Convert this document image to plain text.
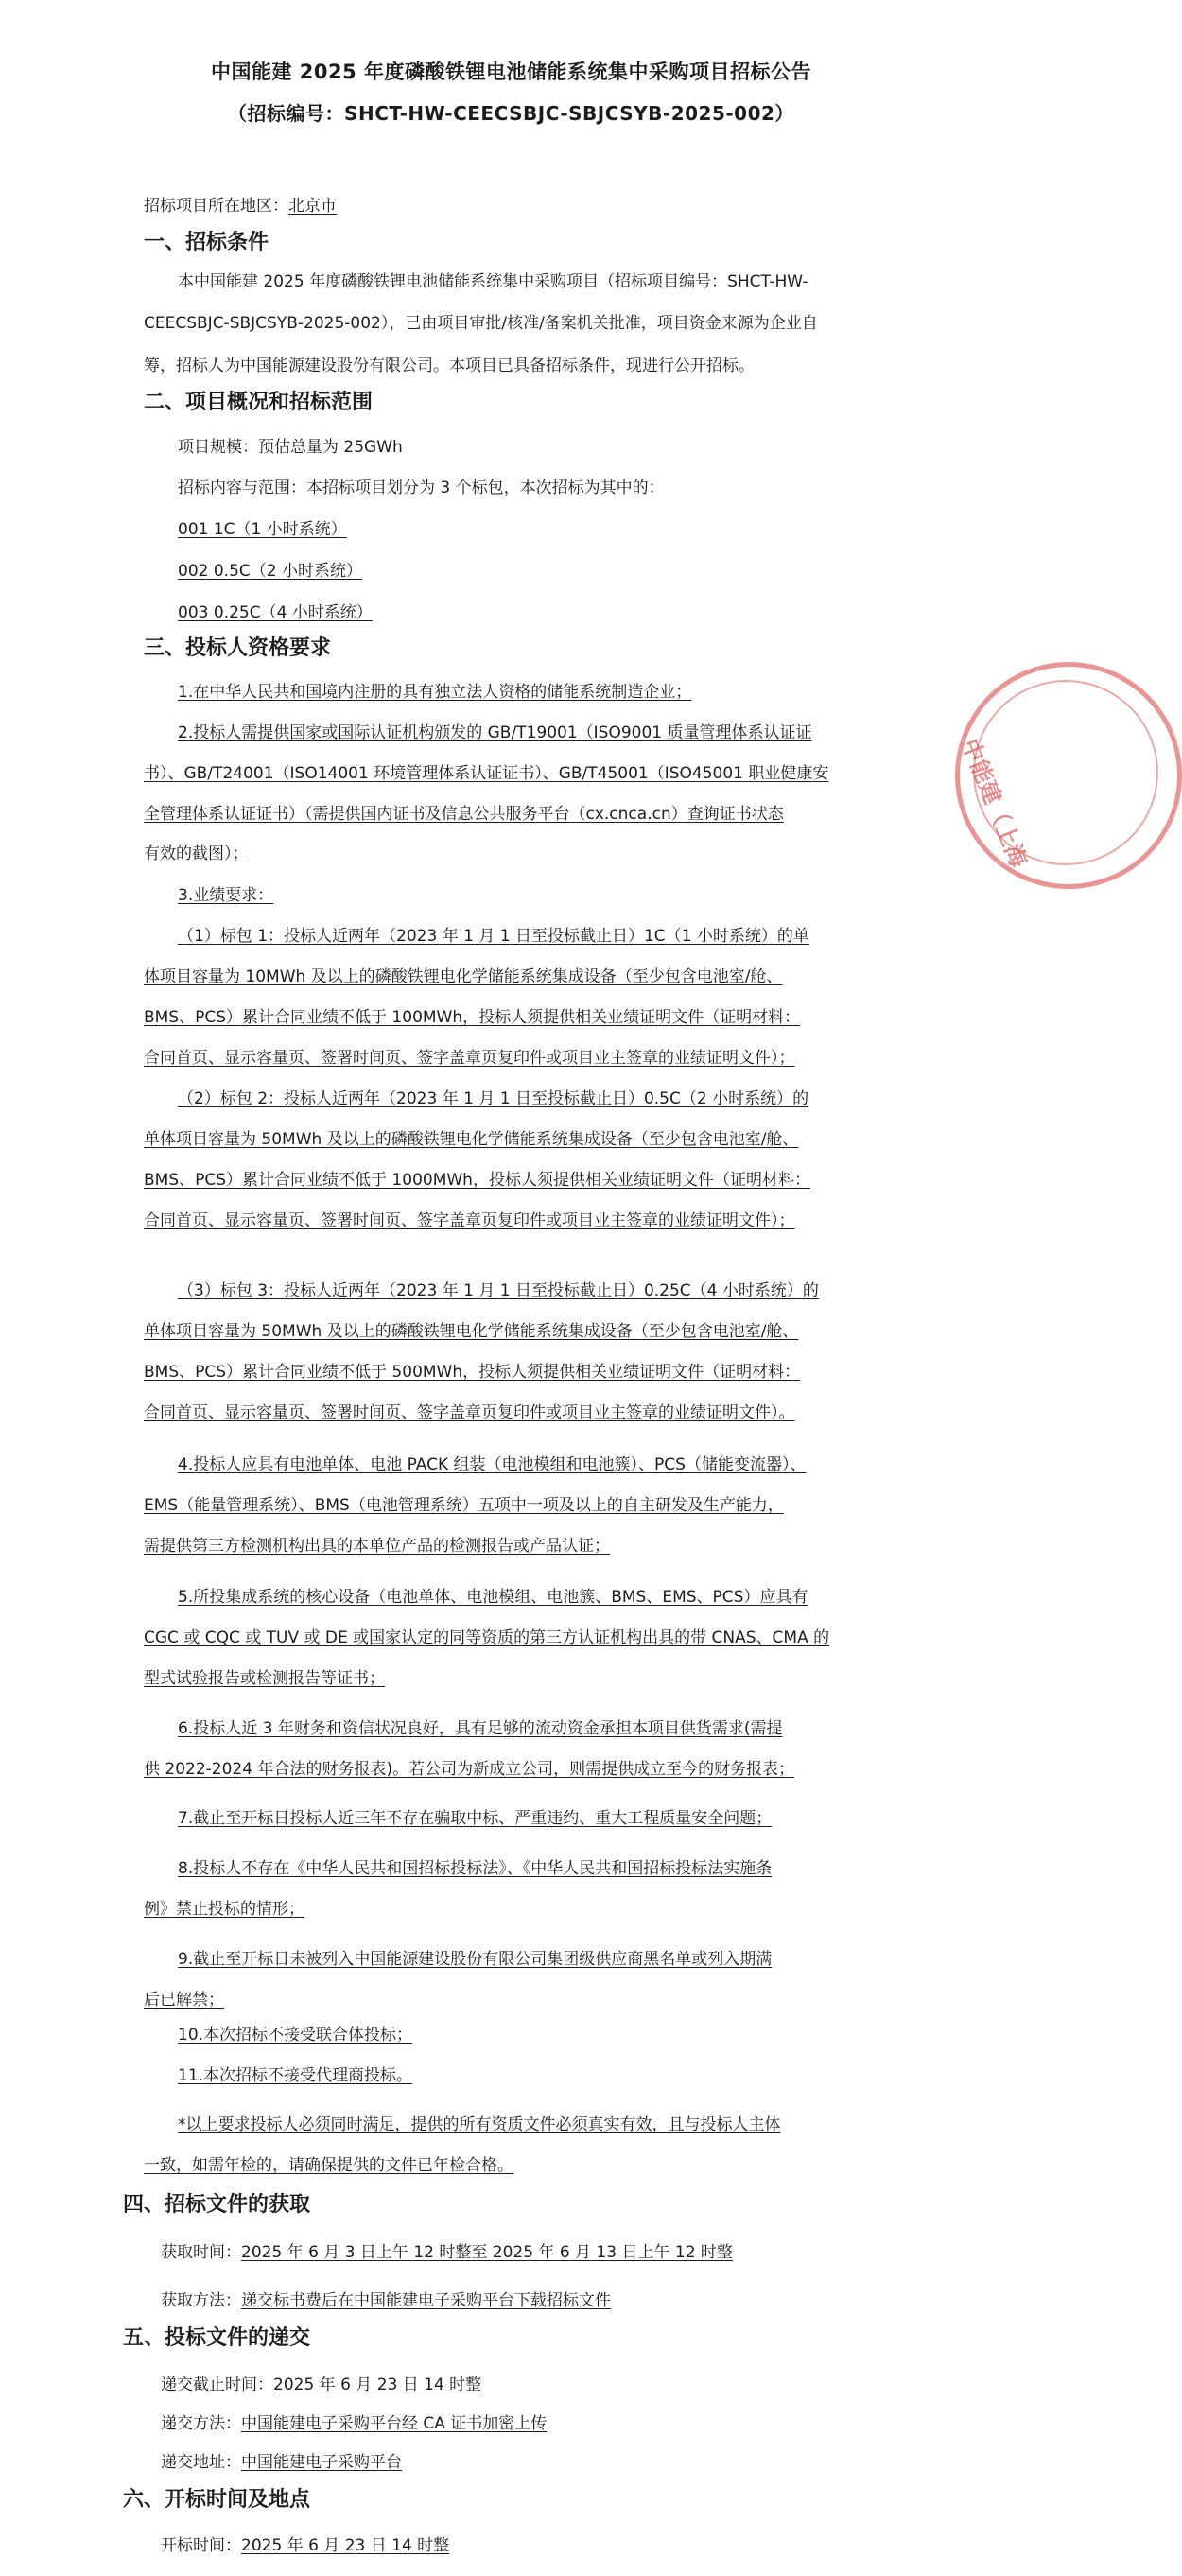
中国能建 2025 年度磷酸铁锂电池储能系统集中采购项目招标公告
（招标编号：SHCT-HW-CEECSBJC-SBJCSYB-2025-002）
招标项目所在地区：北京市
一、招标条件
本中国能建 2025 年度磷酸铁锂电池储能系统集中采购项目（招标项目编号：SHCT-HW-
CEECSBJC-SBJCSYB-2025-002），已由项目审批/核准/备案机关批准，项目资金来源为企业自
筹，招标人为中国能源建设股份有限公司。本项目已具备招标条件，现进行公开招标。
二、项目概况和招标范围
项目规模：预估总量为 25GWh
招标内容与范围：本招标项目划分为 3 个标包，本次招标为其中的：
001 1C（1 小时系统）
002 0.5C（2 小时系统）
003 0.25C（4 小时系统）
三、投标人资格要求
1.在中华人民共和国境内注册的具有独立法人资格的储能系统制造企业；
2.投标人需提供国家或国际认证机构颁发的 GB/T19001（ISO9001 质量管理体系认证证
书）、GB/T24001（ISO14001 环境管理体系认证证书）、GB/T45001（ISO45001 职业健康安
全管理体系认证证书）（需提供国内证书及信息公共服务平台（cx.cnca.cn）查询证书状态
有效的截图）；
3.业绩要求：
（1）标包 1：投标人近两年（2023 年 1 月 1 日至投标截止日）1C（1 小时系统）的单
体项目容量为 10MWh 及以上的磷酸铁锂电化学储能系统集成设备（至少包含电池室/舱、
BMS、PCS）累计合同业绩不低于 100MWh，投标人须提供相关业绩证明文件（证明材料：
合同首页、显示容量页、签署时间页、签字盖章页复印件或项目业主签章的业绩证明文件）；
（2）标包 2：投标人近两年（2023 年 1 月 1 日至投标截止日）0.5C（2 小时系统）的
单体项目容量为 50MWh 及以上的磷酸铁锂电化学储能系统集成设备（至少包含电池室/舱、
BMS、PCS）累计合同业绩不低于 1000MWh，投标人须提供相关业绩证明文件（证明材料：
合同首页、显示容量页、签署时间页、签字盖章页复印件或项目业主签章的业绩证明文件）；
（3）标包 3：投标人近两年（2023 年 1 月 1 日至投标截止日）0.25C（4 小时系统）的
单体项目容量为 50MWh 及以上的磷酸铁锂电化学储能系统集成设备（至少包含电池室/舱、
BMS、PCS）累计合同业绩不低于 500MWh，投标人须提供相关业绩证明文件（证明材料：
合同首页、显示容量页、签署时间页、签字盖章页复印件或项目业主签章的业绩证明文件）。
4.投标人应具有电池单体、电池 PACK 组装（电池模组和电池簇）、PCS（储能变流器）、
EMS（能量管理系统）、BMS（电池管理系统）五项中一项及以上的自主研发及生产能力，
需提供第三方检测机构出具的本单位产品的检测报告或产品认证；
5.所投集成系统的核心设备（电池单体、电池模组、电池簇、BMS、EMS、PCS）应具有
CGC 或 CQC 或 TUV 或 DE 或国家认定的同等资质的第三方认证机构出具的带 CNAS、CMA 的
型式试验报告或检测报告等证书；
6.投标人近 3 年财务和资信状况良好，具有足够的流动资金承担本项目供货需求(需提
供 2022-2024 年合法的财务报表)。若公司为新成立公司，则需提供成立至今的财务报表；
7.截止至开标日投标人近三年不存在骗取中标、严重违约、重大工程质量安全问题；
8.投标人不存在《中华人民共和国招标投标法》、《中华人民共和国招标投标法实施条
例》禁止投标的情形；
9.截止至开标日未被列入中国能源建设股份有限公司集团级供应商黑名单或列入期满
后已解禁；
10.本次招标不接受联合体投标；
11.本次招标不接受代理商投标。
*以上要求投标人必须同时满足，提供的所有资质文件必须真实有效，且与投标人主体
一致，如需年检的，请确保提供的文件已年检合格。
四、招标文件的获取
获取时间：2025 年 6 月 3 日上午 12 时整至 2025 年 6 月 13 日上午 12 时整
获取方法：递交标书费后在中国能建电子采购平台下载招标文件
五、投标文件的递交
递交截止时间：2025 年 6 月 23 日 14 时整
递交方法：中国能建电子采购平台经 CA 证书加密上传
递交地址：中国能建电子采购平台
六、开标时间及地点
开标时间：2025 年 6 月 23 日 14 时整
中能建（上海
